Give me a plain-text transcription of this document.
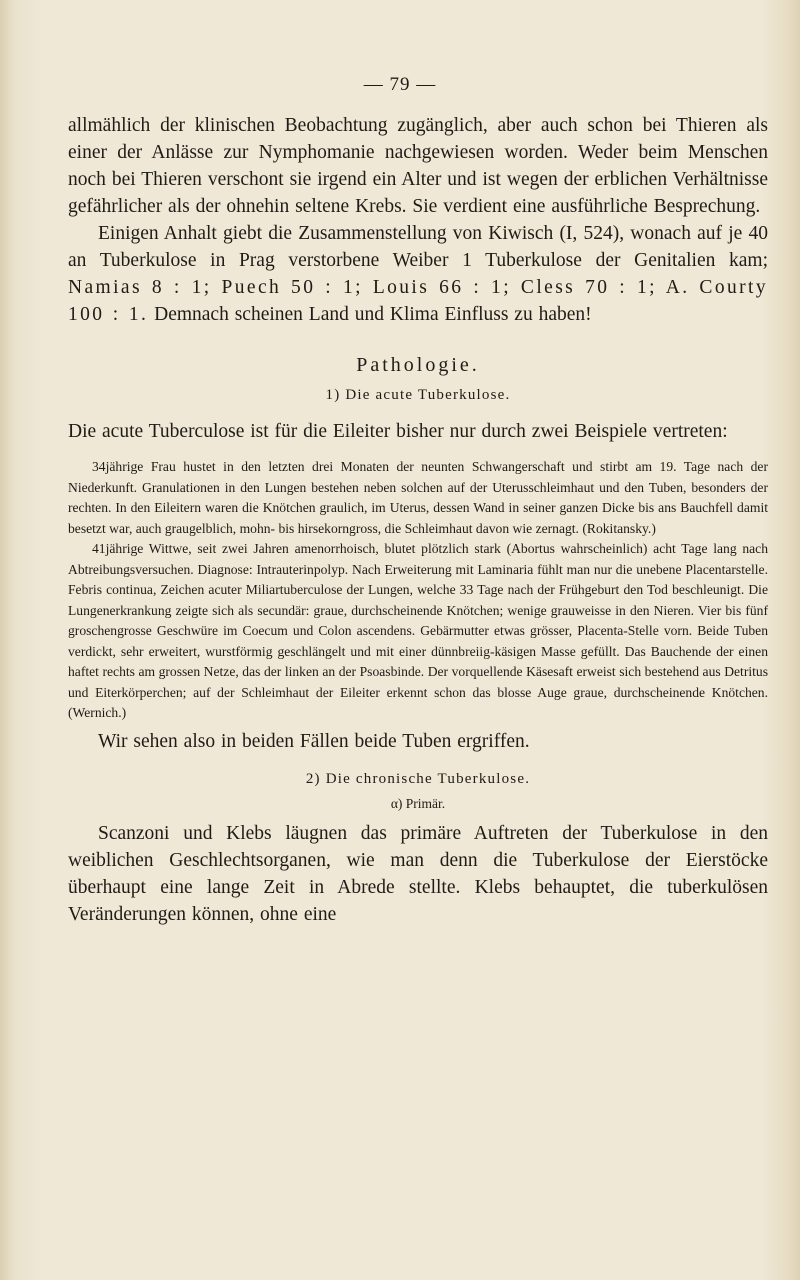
— 79 —

allmählich der klinischen Beobachtung zugänglich, aber auch schon bei Thieren als einer der Anlässe zur Nymphomanie nachgewiesen worden. Weder beim Menschen noch bei Thieren verschont sie irgend ein Alter und ist wegen der erblichen Verhältnisse gefährlicher als der ohnehin seltene Krebs. Sie verdient eine ausführliche Besprechung.

Einigen Anhalt giebt die Zusammenstellung von Kiwisch (I, 524), wonach auf je 40 an Tuberkulose in Prag verstorbene Weiber 1 Tuberkulose der Genitalien kam; Namias 8 : 1; Puech 50 : 1; Louis 66 : 1; Cless 70 : 1; A. Courty 100 : 1. Demnach scheinen Land und Klima Einfluss zu haben!

Pathologie.

1) Die acute Tuberkulose.

Die acute Tuberculose ist für die Eileiter bisher nur durch zwei Beispiele vertreten:

34jährige Frau hustet in den letzten drei Monaten der neunten Schwangerschaft und stirbt am 19. Tage nach der Niederkunft. Granulationen in den Lungen bestehen neben solchen auf der Uterusschleimhaut und den Tuben, besonders der rechten. In den Eileitern waren die Knötchen graulich, im Uterus, dessen Wand in seiner ganzen Dicke bis ans Bauchfell damit besetzt war, auch graugelblich, mohn- bis hirsekorngross, die Schleimhaut davon wie zernagt. (Rokitansky.)

41jährige Wittwe, seit zwei Jahren amenorrhoisch, blutet plötzlich stark (Abortus wahrscheinlich) acht Tage lang nach Abtreibungsversuchen. Diagnose: Intrauterinpolyp. Nach Erweiterung mit Laminaria fühlt man nur die unebene Placentarstelle. Febris continua, Zeichen acuter Miliartuberculose der Lungen, welche 33 Tage nach der Frühgeburt den Tod beschleunigt. Die Lungenerkrankung zeigte sich als secundär: graue, durchscheinende Knötchen; wenige grauweisse in den Nieren. Vier bis fünf groschengrosse Geschwüre im Coecum und Colon ascendens. Gebärmutter etwas grösser, Placenta-Stelle vorn. Beide Tuben verdickt, sehr erweitert, wurstförmig geschlängelt und mit einer dünnbreiig-käsigen Masse gefüllt. Das Bauchende der einen haftet rechts am grossen Netze, das der linken an der Psoasbinde. Der vorquellende Käsesaft erweist sich bestehend aus Detritus und Eiterkörperchen; auf der Schleimhaut der Eileiter erkennt schon das blosse Auge graue, durchscheinende Knötchen. (Wernich.)

Wir sehen also in beiden Fällen beide Tuben ergriffen.

2) Die chronische Tuberkulose.

α) Primär.

Scanzoni und Klebs läugnen das primäre Auftreten der Tuberkulose in den weiblichen Geschlechtsorganen, wie man denn die Tuberkulose der Eierstöcke überhaupt eine lange Zeit in Abrede stellte. Klebs behauptet, die tuberkulösen Veränderungen können, ohne eine
